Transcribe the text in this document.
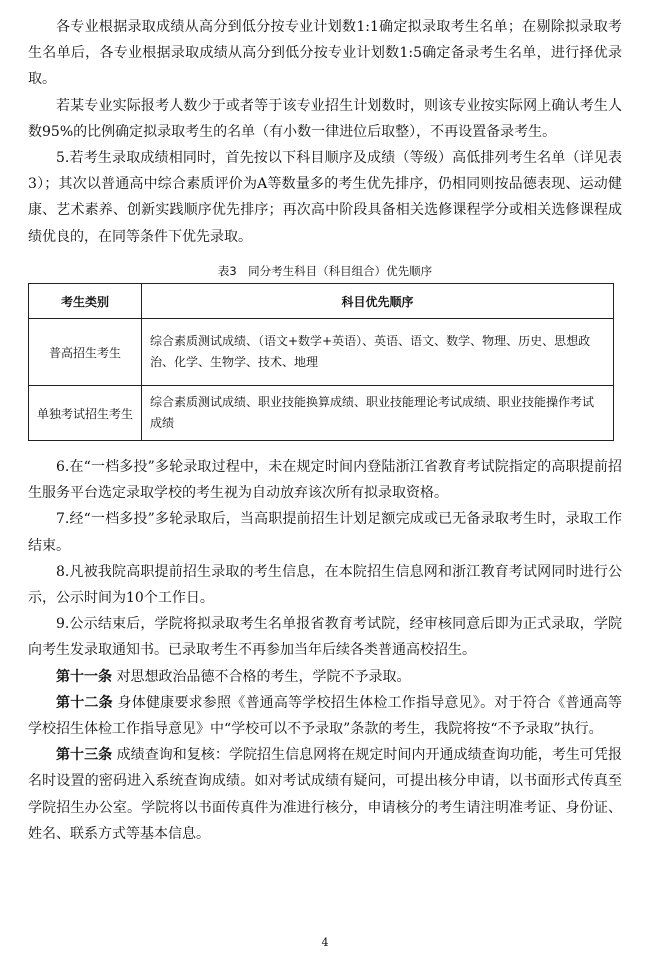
各专业根据录取成绩从高分到低分按专业计划数1:1确定拟录取考生名单；在剔除拟录取考生名单后，各专业根据录取成绩从高分到低分按专业计划数1:5确定备录考生名单，进行择优录取。

若某专业实际报考人数少于或者等于该专业招生计划数时，则该专业按实际网上确认考生人数95%的比例确定拟录取考生的名单（有小数一律进位后取整），不再设置备录考生。

5.若考生录取成绩相同时，首先按以下科目顺序及成绩（等级）高低排列考生名单（详见表3）；其次以普通高中综合素质评价为A等数量多的考生优先排序，仍相同则按品德表现、运动健康、艺术素养、创新实践顺序优先排序；再次高中阶段具备相关选修课程学分或相关选修课程成绩优良的，在同等条件下优先录取。

表3　同分考生科目（科目组合）优先顺序
考生类别	科目优先顺序
普高招生考生	综合素质测试成绩、（语文+数学+英语）、英语、语文、数学、物理、历史、思想政治、化学、生物学、技术、地理
单独考试招生考生	综合素质测试成绩、职业技能换算成绩、职业技能理论考试成绩、职业技能操作考试成绩

6.在“一档多投”多轮录取过程中，未在规定时间内登陆浙江省教育考试院指定的高职提前招生服务平台选定录取学校的考生视为自动放弃该次所有拟录取资格。

7.经“一档多投”多轮录取后，当高职提前招生计划足额完成或已无备录取考生时，录取工作结束。

8.凡被我院高职提前招生录取的考生信息，在本院招生信息网和浙江教育考试网同时进行公示，公示时间为10个工作日。

9.公示结束后，学院将拟录取考生名单报省教育考试院，经审核同意后即为正式录取，学院向考生发录取通知书。已录取考生不再参加当年后续各类普通高校招生。

第十一条 对思想政治品德不合格的考生，学院不予录取。

第十二条 身体健康要求参照《普通高等学校招生体检工作指导意见》。对于符合《普通高等学校招生体检工作指导意见》中“学校可以不予录取”条款的考生，我院将按“不予录取”执行。

第十三条 成绩查询和复核：学院招生信息网将在规定时间内开通成绩查询功能，考生可凭报名时设置的密码进入系统查询成绩。如对考试成绩有疑问，可提出核分申请，以书面形式传真至学院招生办公室。学院将以书面传真件为准进行核分，申请核分的考生请注明准考证、身份证、姓名、联系方式等基本信息。

4
